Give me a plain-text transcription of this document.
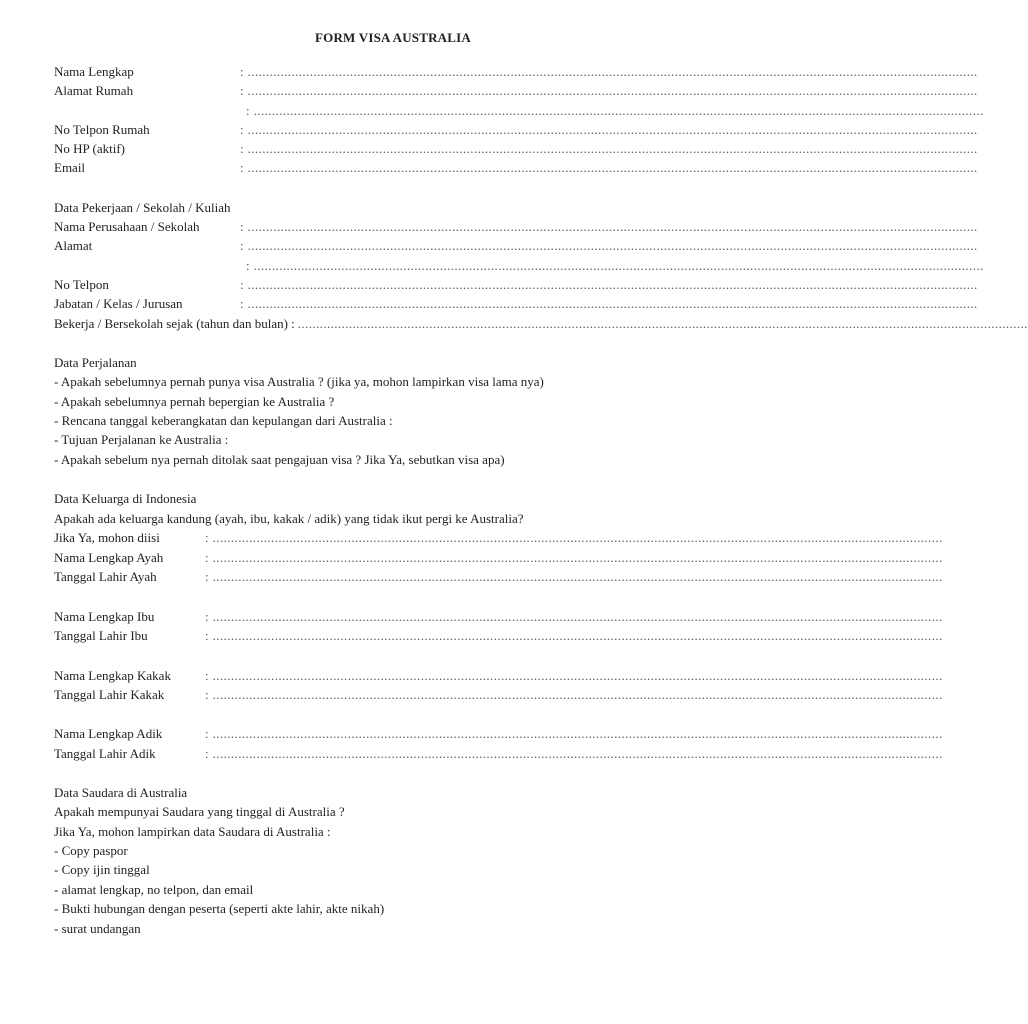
FORM VISA AUSTRALIA
Nama Lengkap	: ........................................................................................................................................................................................................
Alamat Rumah	: ........................................................................................................................................................................................................
: ........................................................................................................................................................................................................
No Telpon Rumah	: ........................................................................................................................................................................................................
No HP (aktif)	: ........................................................................................................................................................................................................
Email	: ........................................................................................................................................................................................................
Data Pekerjaan / Sekolah / Kuliah
Nama Perusahaan / Sekolah	: ........................................................................................................................................................................................................
Alamat	: ........................................................................................................................................................................................................
: ........................................................................................................................................................................................................
No Telpon	: ........................................................................................................................................................................................................
Jabatan / Kelas / Jurusan	: ........................................................................................................................................................................................................
Bekerja / Bersekolah sejak (tahun dan bulan) : ........................................................................................................................................................................................................
Data Perjalanan
- Apakah sebelumnya pernah punya visa Australia ? (jika ya, mohon lampirkan visa lama nya)
- Apakah sebelumnya pernah bepergian ke Australia ?
- Rencana tanggal keberangkatan dan kepulangan dari Australia :
- Tujuan Perjalanan ke Australia :
- Apakah sebelum nya pernah ditolak saat pengajuan visa ? Jika Ya, sebutkan visa apa)
Data Keluarga di Indonesia
Apakah ada keluarga kandung (ayah, ibu, kakak / adik) yang tidak ikut pergi ke Australia?
Jika Ya, mohon diisi	: ........................................................................................................................................................................................................
Nama Lengkap Ayah	: ........................................................................................................................................................................................................
Tanggal Lahir Ayah	: ........................................................................................................................................................................................................
Nama Lengkap Ibu	: ........................................................................................................................................................................................................
Tanggal Lahir Ibu	: ........................................................................................................................................................................................................
Nama Lengkap Kakak	: ........................................................................................................................................................................................................
Tanggal Lahir Kakak	: ........................................................................................................................................................................................................
Nama Lengkap Adik	: ........................................................................................................................................................................................................
Tanggal Lahir Adik	: ........................................................................................................................................................................................................
Data Saudara di Australia
Apakah mempunyai Saudara yang tinggal di Australia ?
Jika Ya, mohon lampirkan data Saudara di Australia :
- Copy paspor
- Copy ijin tinggal
- alamat lengkap, no telpon, dan email
- Bukti hubungan dengan peserta (seperti akte lahir, akte nikah)
- surat undangan
